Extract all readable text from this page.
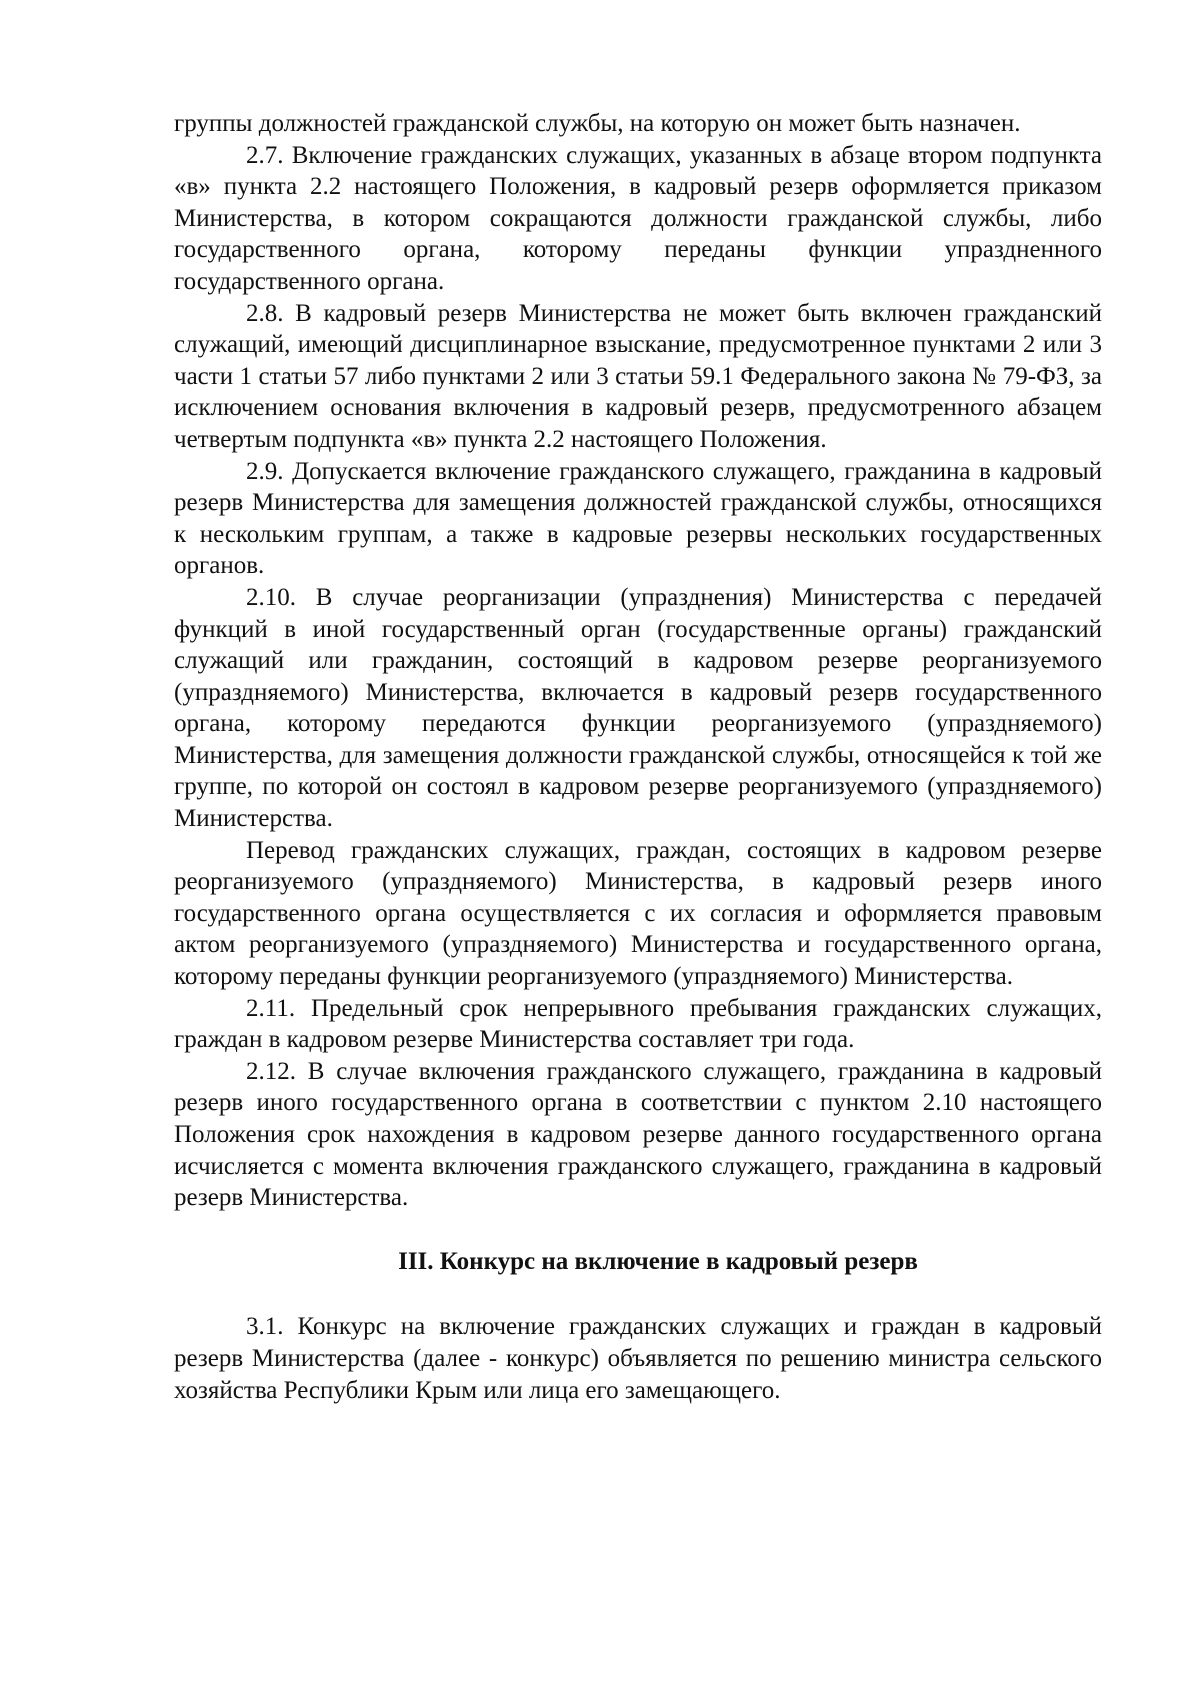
группы должностей гражданской службы, на которую он может быть назначен.

2.7. Включение гражданских служащих, указанных в абзаце втором подпункта «в» пункта 2.2 настоящего Положения, в кадровый резерв оформляется приказом Министерства, в котором сокращаются должности гражданской службы, либо государственного органа, которому переданы функции упраздненного государственного органа.

2.8. В кадровый резерв Министерства не может быть включен гражданский служащий, имеющий дисциплинарное взыскание, предусмотренное пунктами 2 или 3 части 1 статьи 57 либо пунктами 2 или 3 статьи 59.1 Федерального закона № 79-ФЗ, за исключением основания включения в кадровый резерв, предусмотренного абзацем четвертым подпункта «в» пункта 2.2 настоящего Положения.

2.9. Допускается включение гражданского служащего, гражданина в кадровый резерв Министерства для замещения должностей гражданской службы, относящихся к нескольким группам, а также в кадровые резервы нескольких государственных органов.

2.10. В случае реорганизации (упразднения) Министерства с передачей функций в иной государственный орган (государственные органы) гражданский служащий или гражданин, состоящий в кадровом резерве реорганизуемого (упраздняемого) Министерства, включается в кадровый резерв государственного органа, которому передаются функции реорганизуемого (упраздняемого) Министерства, для замещения должности гражданской службы, относящейся к той же группе, по которой он состоял в кадровом резерве реорганизуемого (упраздняемого) Министерства.

Перевод гражданских служащих, граждан, состоящих в кадровом резерве реорганизуемого (упраздняемого) Министерства, в кадровый резерв иного государственного органа осуществляется с их согласия и оформляется правовым актом реорганизуемого (упраздняемого) Министерства и государственного органа, которому переданы функции реорганизуемого (упраздняемого) Министерства.

2.11. Предельный срок непрерывного пребывания гражданских служащих, граждан в кадровом резерве Министерства составляет три года.

2.12. В случае включения гражданского служащего, гражданина в кадровый резерв иного государственного органа в соответствии с пунктом 2.10 настоящего Положения срок нахождения в кадровом резерве данного государственного органа исчисляется с момента включения гражданского служащего, гражданина в кадровый резерв Министерства.

III. Конкурс на включение в кадровый резерв

3.1. Конкурс на включение гражданских служащих и граждан в кадровый резерв Министерства (далее - конкурс) объявляется по решению министра сельского хозяйства Республики Крым или лица его замещающего.
